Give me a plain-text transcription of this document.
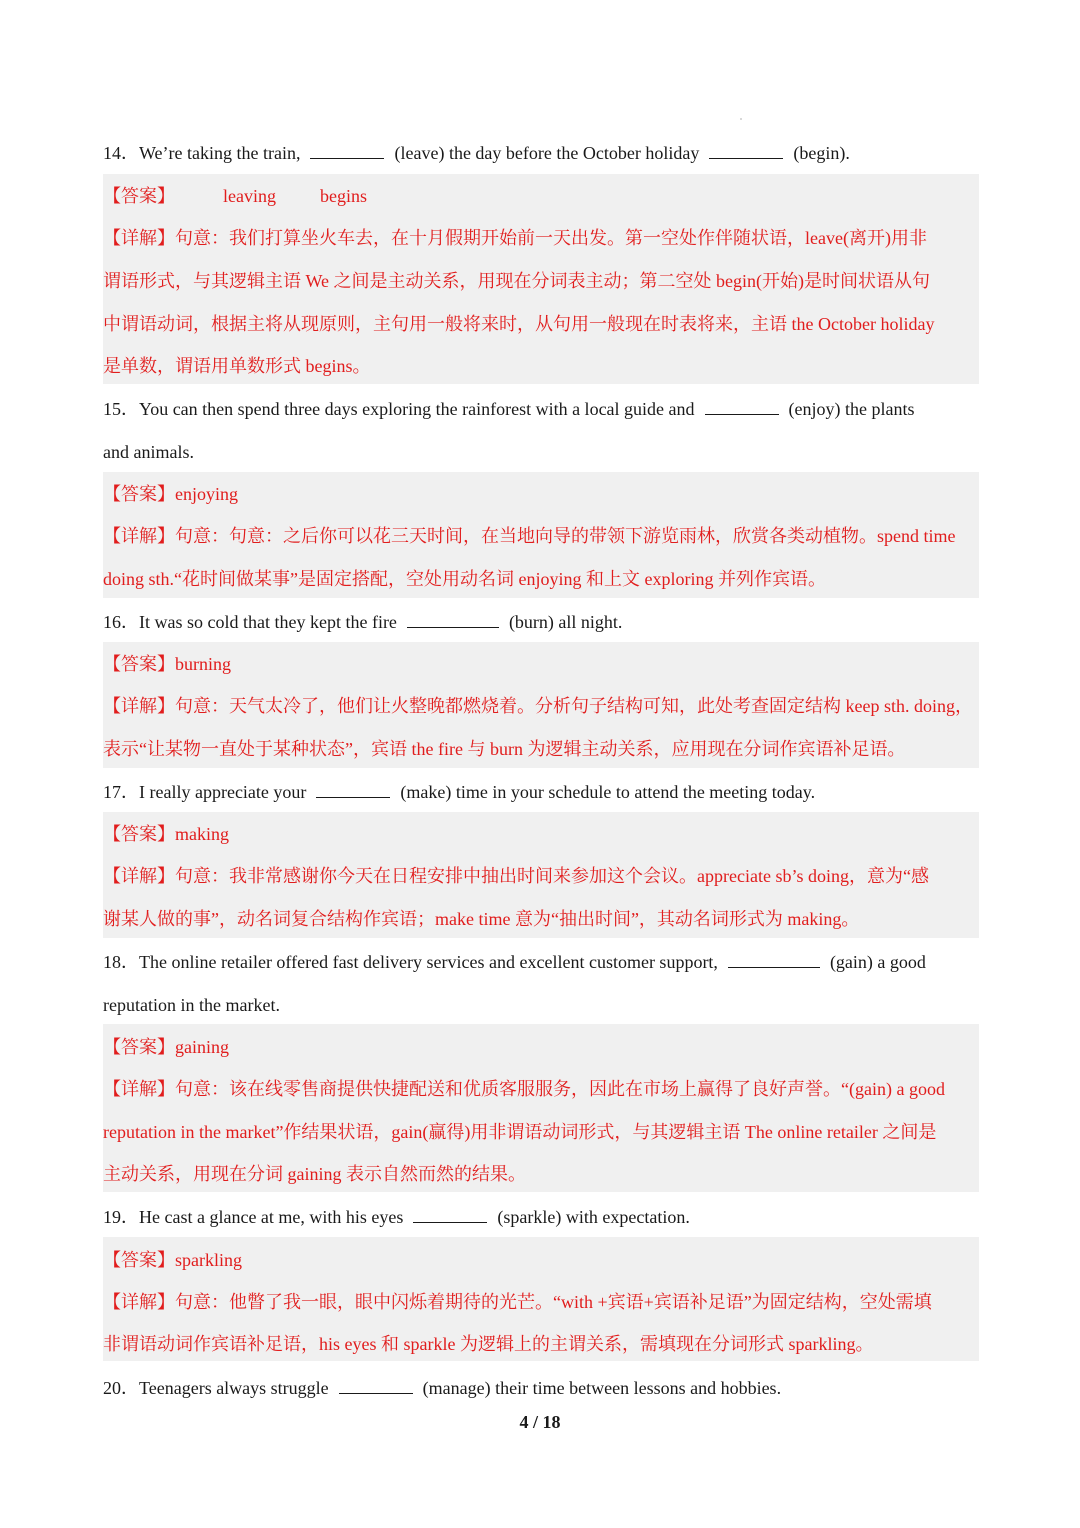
14．We’re taking the train,	(leave) the day before the October holiday	(begin).
【答案】	leaving begins
【详解】句意：我们打算坐火车去，在十月假期开始前一天出发。第一空处作伴随状语，leave(离开)用非
谓语形式，与其逻辑主语 We 之间是主动关系，用现在分词表主动；第二空处 begin(开始)是时间状语从句
中谓语动词，根据主将从现原则，主句用一般将来时，从句用一般现在时表将来，主语 the October holiday
是单数，谓语用单数形式 begins。
15．You can then spend three days exploring the rainforest with a local guide and	(enjoy) the plants
and animals.
【答案】enjoying
【详解】句意：句意：之后你可以花三天时间，在当地向导的带领下游览雨林，欣赏各类动植物。spend time
doing sth.“花时间做某事”是固定搭配，空处用动名词 enjoying 和上文 exploring 并列作宾语。
16．It was so cold that they kept the fire	(burn) all night.
【答案】burning
【详解】句意：天气太冷了，他们让火整晚都燃烧着。分析句子结构可知，此处考查固定结构 keep sth. doing，
表示“让某物一直处于某种状态”，宾语 the fire 与 burn 为逻辑主动关系，应用现在分词作宾语补足语。
17．I really appreciate your	(make) time in your schedule to attend the meeting today.
【答案】making
【详解】句意：我非常感谢你今天在日程安排中抽出时间来参加这个会议。appreciate sb’s doing，意为“感
谢某人做的事”，动名词复合结构作宾语；make time 意为“抽出时间”，其动名词形式为 making。
18．The online retailer offered fast delivery services and excellent customer support,	(gain) a good
reputation in the market.
【答案】gaining
【详解】句意：该在线零售商提供快捷配送和优质客服服务，因此在市场上赢得了良好声誉。“(gain) a good
reputation in the market”作结果状语，gain(赢得)用非谓语动词形式，与其逻辑主语 The online retailer 之间是
主动关系，用现在分词 gaining 表示自然而然的结果。
19．He cast a glance at me, with his eyes	(sparkle) with expectation.
【答案】sparkling
【详解】句意：他瞥了我一眼，眼中闪烁着期待的光芒。“with +宾语+宾语补足语”为固定结构，空处需填
非谓语动词作宾语补足语，his eyes 和 sparkle 为逻辑上的主谓关系，需填现在分词形式 sparkling。
20．Teenagers always struggle	(manage) their time between lessons and hobbies.
4 / 18
